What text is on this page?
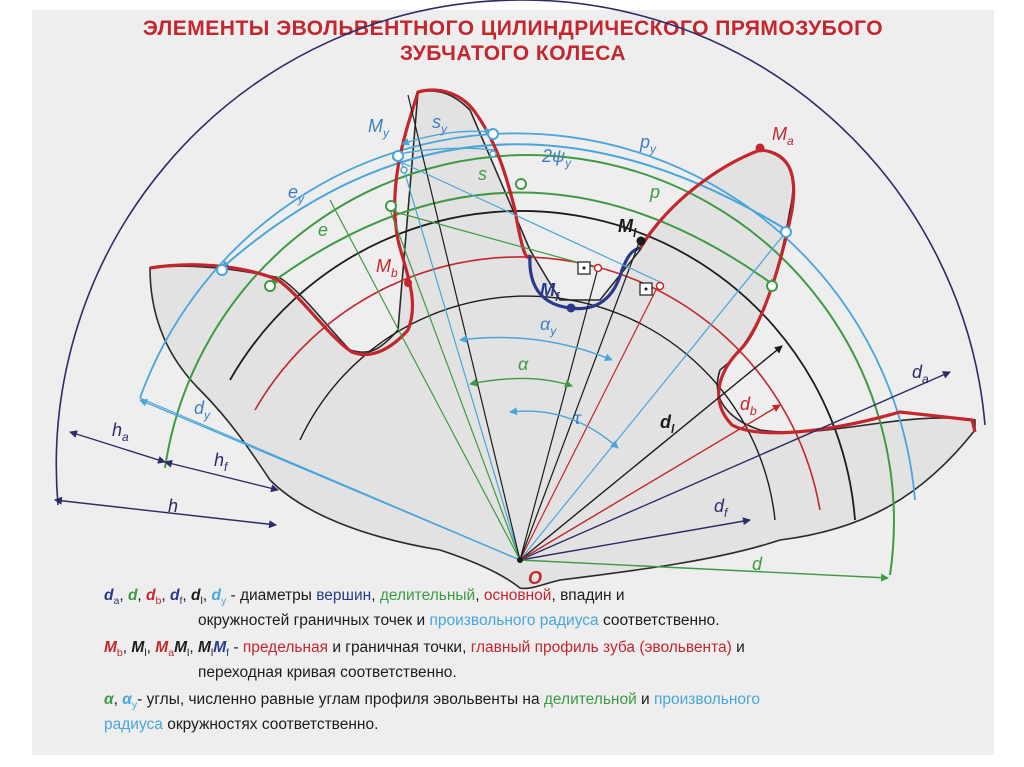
ЭЛЕМЕНТЫ ЭВОЛЬВЕНТНОГО ЦИЛИНДРИЧЕСКОГО ПРЯМОЗУБОГО
ЗУБЧАТОГО КОЛЕСА
$M_y$
$s_y$
$p_y$
$M_a$
$2\psi_y$
$e_y$
s
p
e	$M_l$
$M_b$
$M_f$
$\alpha_y$
α
τ
$d_a$
$d_b$
$d_l$
$d_f$
d
$d_y$
$h_a$
$h_f$
h
O
$d_a$, d, $d_b$, $d_f$, $d_l$, $d_y$ - диаметры вершин, делительный, основной, впадин и
окружностей граничных точек и произвольного радиуса соответственно.
$M_b$, $M_l$, $M_aM_l$, $M_lM_f$ - предельная и граничная точки, главный профиль зуба (эвольвента) и
переходная кривая соответственно.
α, $\alpha_y-$ углы, численно равные углам профиля эвольвенты на делительной и произвольного
радиуса окружностях соответственно.
